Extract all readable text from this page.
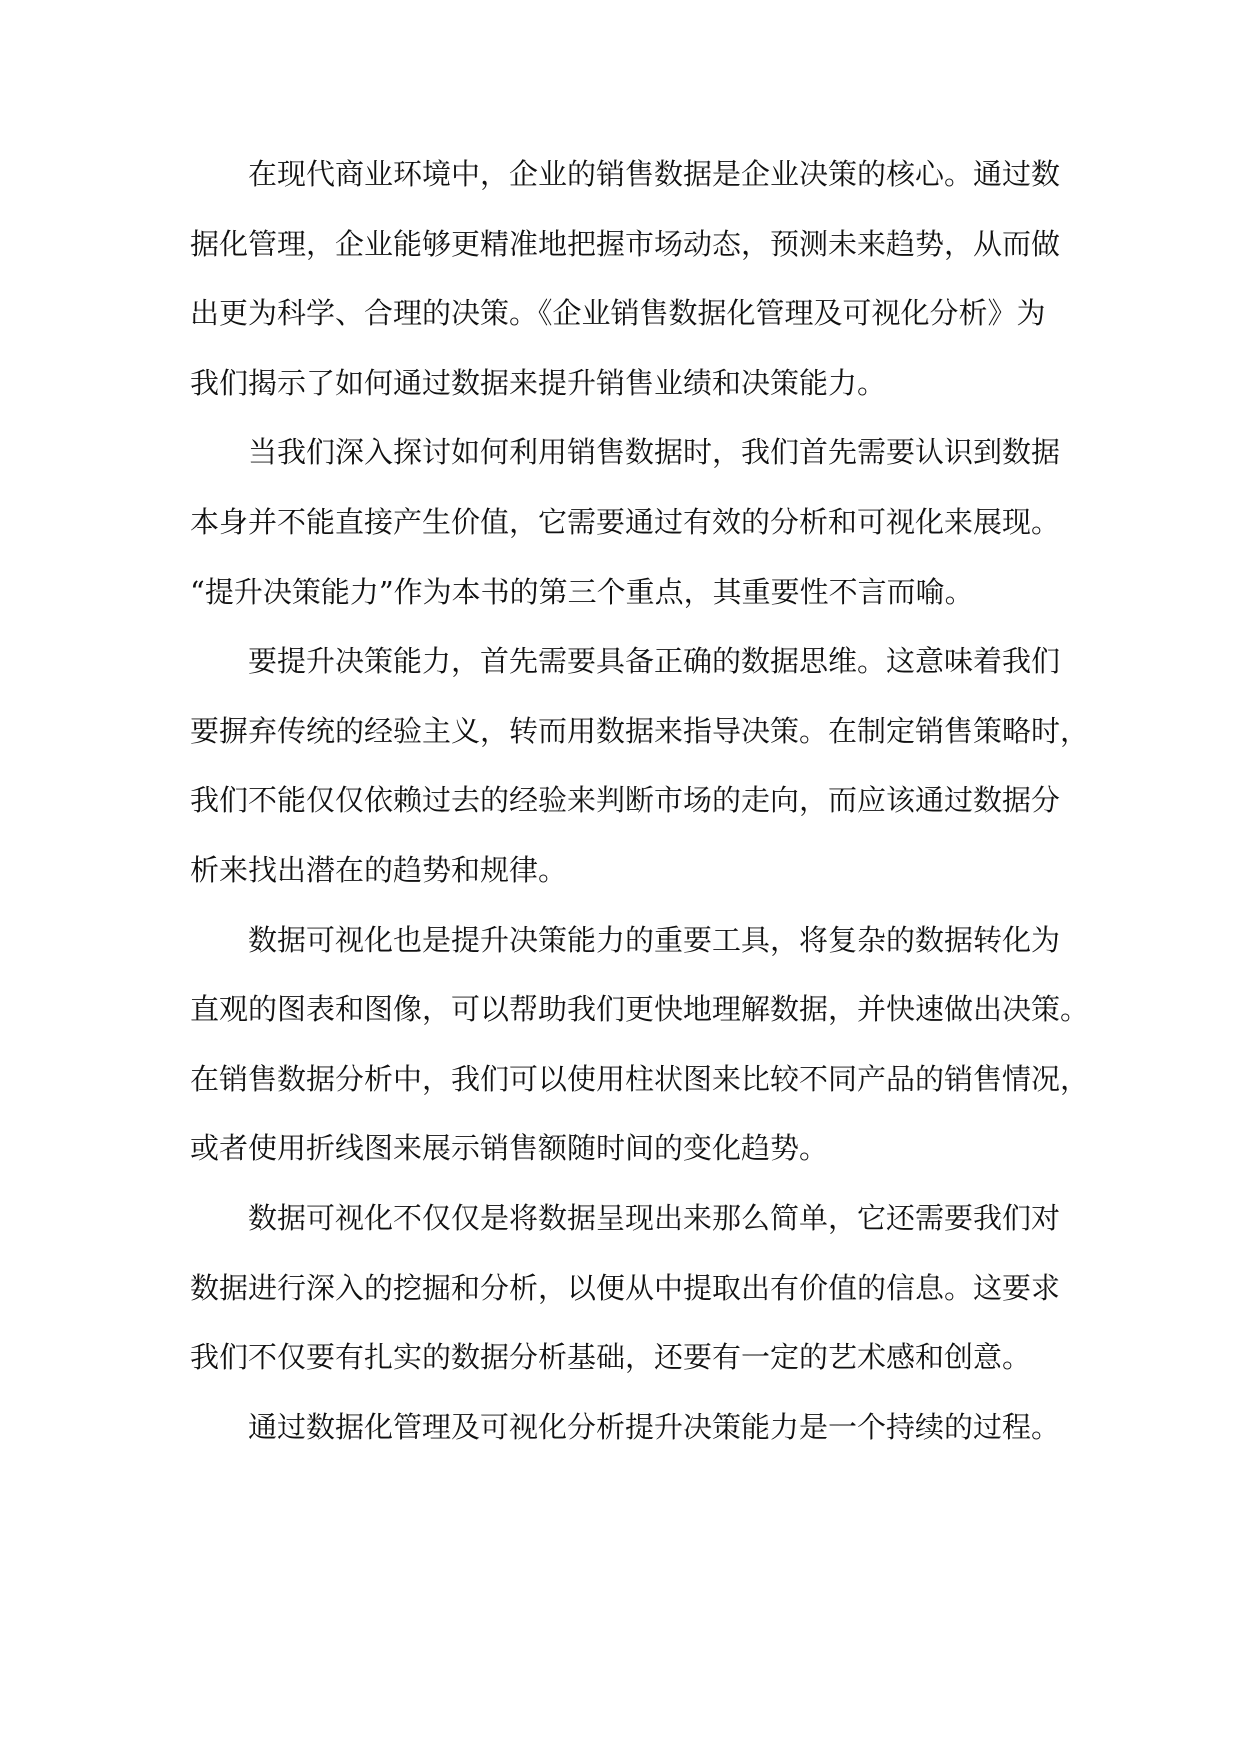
在现代商业环境中，企业的销售数据是企业决策的核心。通过数
据化管理，企业能够更精准地把握市场动态，预测未来趋势，从而做
出更为科学、合理的决策。《企业销售数据化管理及可视化分析》为
我们揭示了如何通过数据来提升销售业绩和决策能力。
当我们深入探讨如何利用销售数据时，我们首先需要认识到数据
本身并不能直接产生价值，它需要通过有效的分析和可视化来展现。
“提升决策能力”作为本书的第三个重点，其重要性不言而喻。
要提升决策能力，首先需要具备正确的数据思维。这意味着我们
要摒弃传统的经验主义，转而用数据来指导决策。在制定销售策略时，
我们不能仅仅依赖过去的经验来判断市场的走向，而应该通过数据分
析来找出潜在的趋势和规律。
数据可视化也是提升决策能力的重要工具，将复杂的数据转化为
直观的图表和图像，可以帮助我们更快地理解数据，并快速做出决策。
在销售数据分析中，我们可以使用柱状图来比较不同产品的销售情况，
或者使用折线图来展示销售额随时间的变化趋势。
数据可视化不仅仅是将数据呈现出来那么简单，它还需要我们对
数据进行深入的挖掘和分析，以便从中提取出有价值的信息。这要求
我们不仅要有扎实的数据分析基础，还要有一定的艺术感和创意。
通过数据化管理及可视化分析提升决策能力是一个持续的过程。
